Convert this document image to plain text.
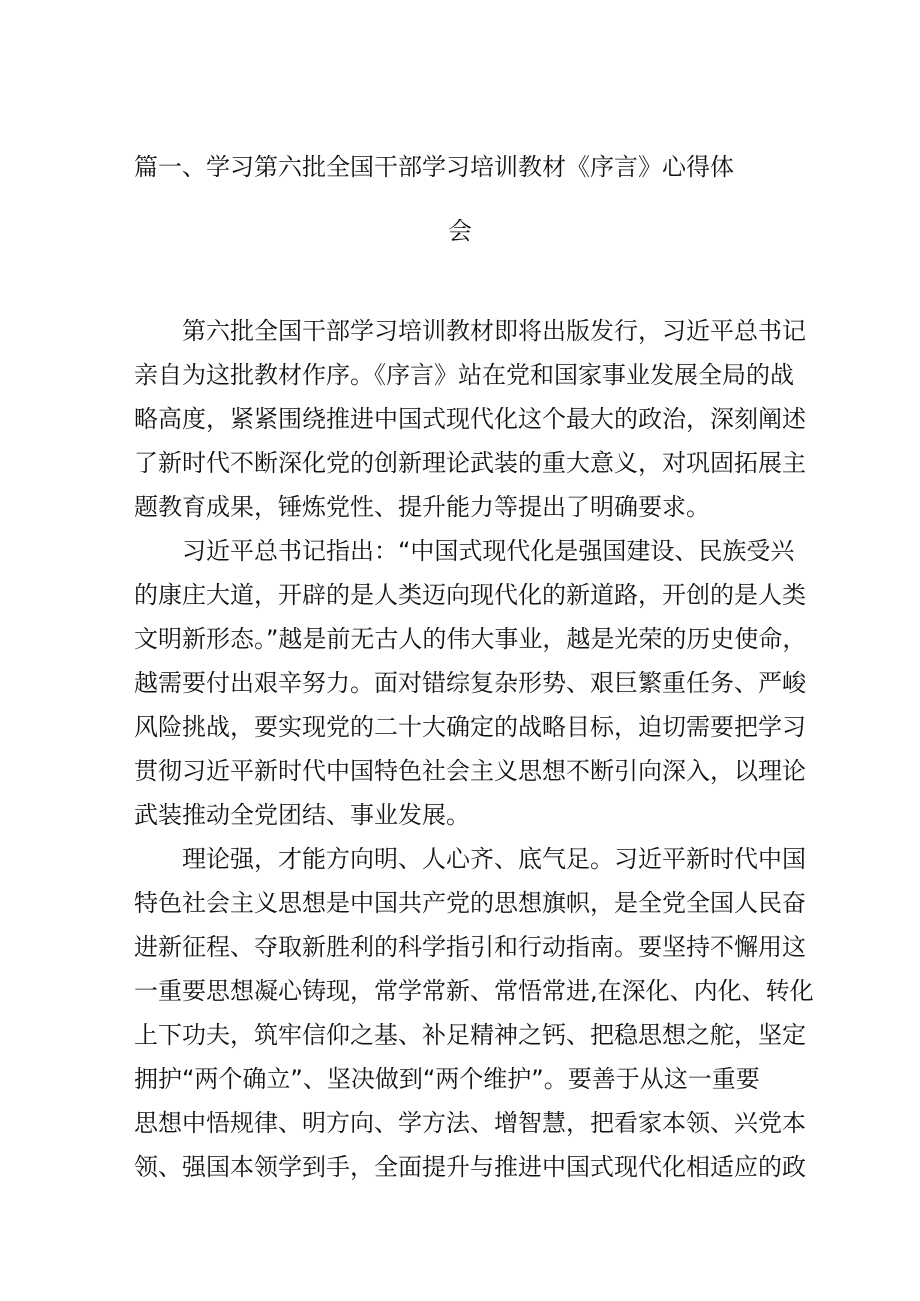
篇一、学习第六批全国干部学习培训教材《序言》心得体
会

第六批全国干部学习培训教材即将出版发行，习近平总书记

亲自为这批教材作序。《序言》站在党和国家事业发展全局的战

略高度，紧紧围绕推进中国式现代化这个最大的政治，深刻阐述

了新时代不断深化党的创新理论武装的重大意义，对巩固拓展主

题教育成果，锤炼党性、提升能力等提出了明确要求。

习近平总书记指出：“中国式现代化是强国建设、民族受兴

的康庄大道，开辟的是人类迈向现代化的新道路，开创的是人类

文明新形态。”越是前无古人的伟大事业，越是光荣的历史使命，

越需要付出艰辛努力。面对错综复杂形势、艰巨繁重任务、严峻

风险挑战，要实现党的二十大确定的战略目标，迫切需要把学习

贯彻习近平新时代中国特色社会主义思想不断引向深入，以理论

武装推动全党团结、事业发展。

理论强，才能方向明、人心齐、底气足。习近平新时代中国

特色社会主义思想是中国共产党的思想旗帜，是全党全国人民奋

进新征程、夺取新胜利的科学指引和行动指南。要坚持不懈用这

一重要思想凝心铸现，常学常新、常悟常进,在深化、内化、转化

上下功夫，筑牢信仰之基、补足精神之钙、把稳思想之舵，坚定

拥护“两个确立”、坚决做到“两个维护”。要善于从这一重要

思想中悟规律、明方向、学方法、增智慧，把看家本领、兴党本

领、强国本领学到手，全面提升与推进中国式现代化相适应的政
